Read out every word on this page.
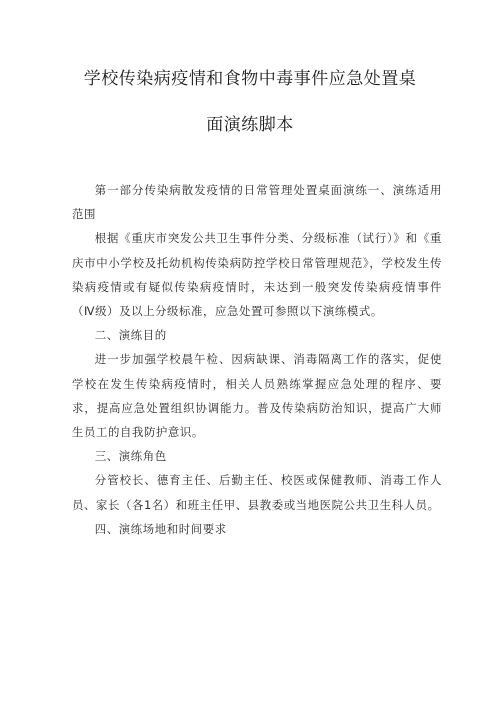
学校传染病疫情和食物中毒事件应急处置桌
面演练脚本

第一部分传染病散发疫情的日常管理处置桌面演练一、演练适用范围

根据《重庆市突发公共卫生事件分类、分级标准（试行）》和《重庆市中小学校及托幼机构传染病防控学校日常管理规范》，学校发生传染病疫情或有疑似传染病疫情时，未达到一般突发传染病疫情事件（Ⅳ级）及以上分级标准，应急处置可参照以下演练模式。

二、演练目的

进一步加强学校晨午检、因病缺课、消毒隔离工作的落实，促使学校在发生传染病疫情时，相关人员熟练掌握应急处理的程序、要求，提高应急处置组织协调能力。普及传染病防治知识，提高广大师生员工的自我防护意识。

三、演练角色

分管校长、德育主任、后勤主任、校医或保健教师、消毒工作人员、家长（各1名）和班主任甲、县教委或当地医院公共卫生科人员。

四、演练场地和时间要求
